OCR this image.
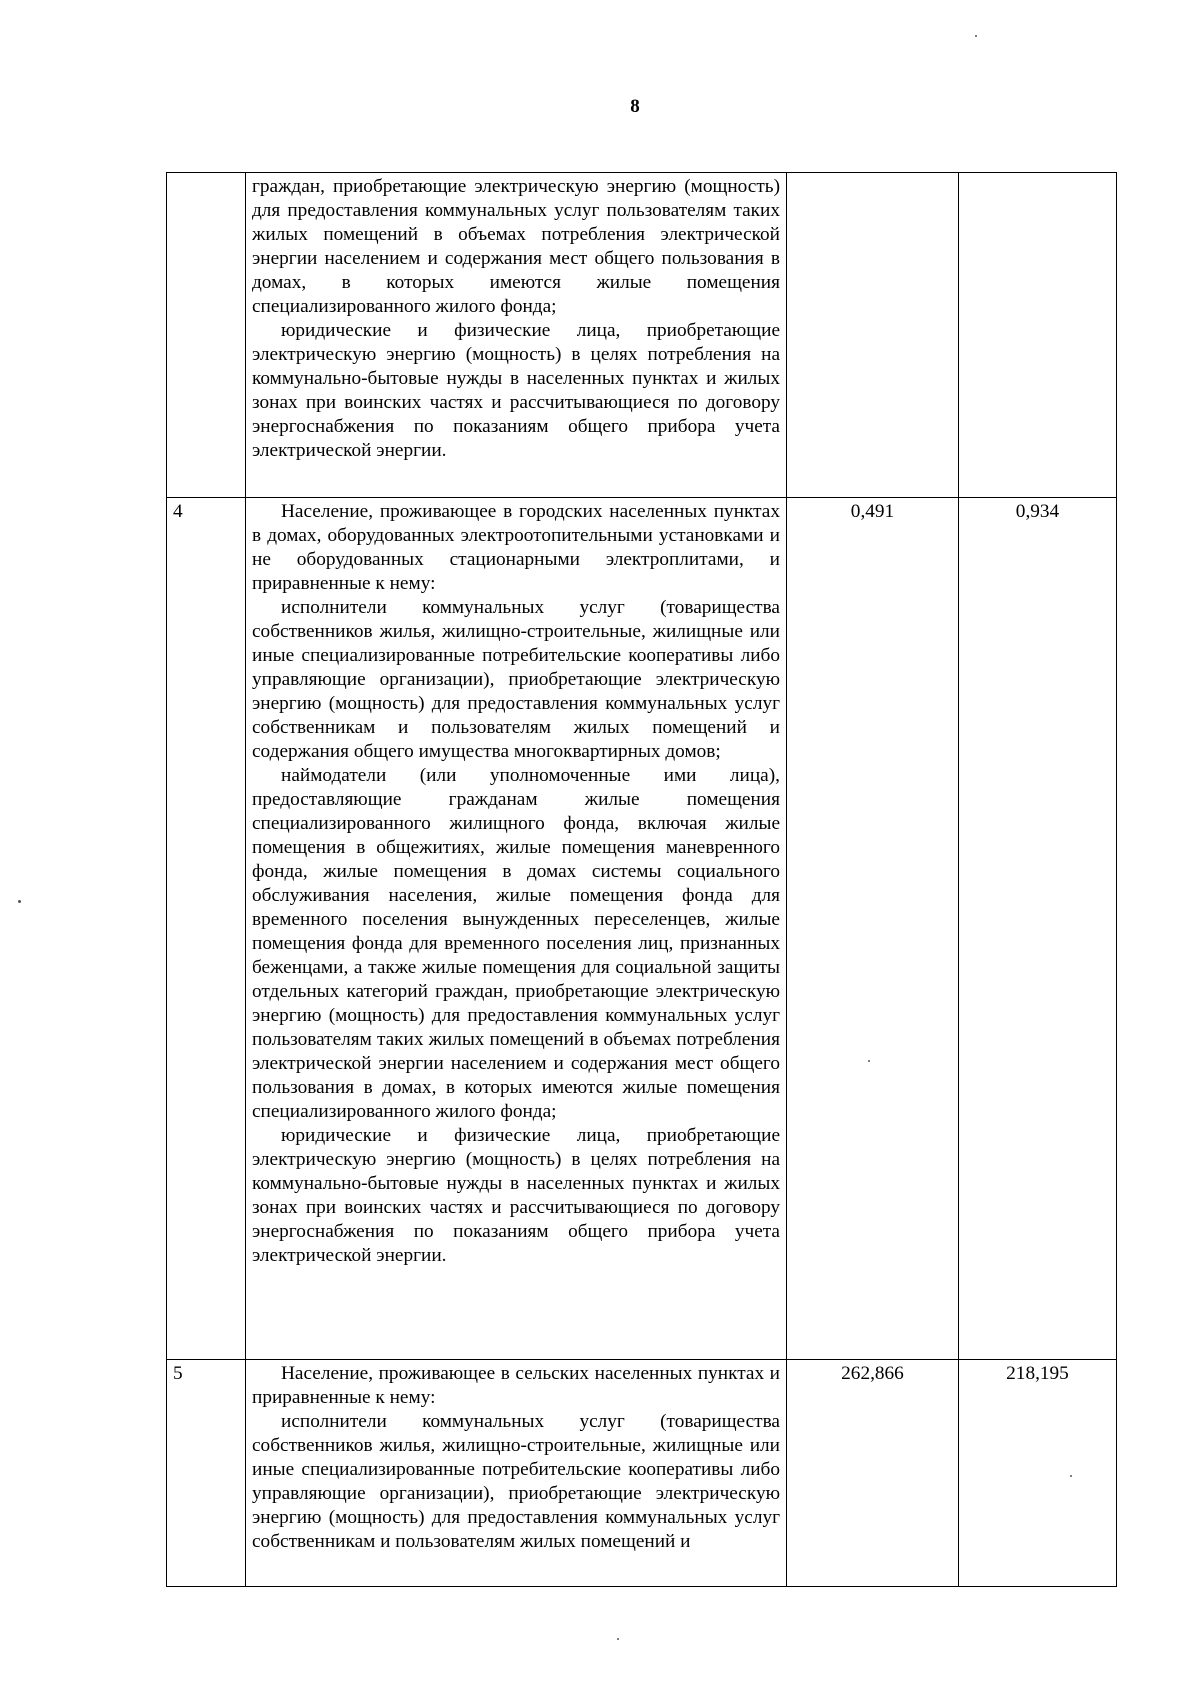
8

	граждан, приобретающие электрическую энергию (мощность) для предоставления коммунальных услуг пользователям таких жилых помещений в объемах потребления электрической энергии населением и содержания мест общего пользования в домах, в которых имеются жилые помещения специализированного жилого фонда;

юридические и физические лица, приобретающие электрическую энергию (мощность) в целях потребления на коммунально-бытовые нужды в населенных пунктах и жилых зонах при воинских частях и рассчитывающиеся по договору энергоснабжения по показаниям общего прибора учета электрической энергии.		

4	Население, проживающее в городских населенных пунктах в домах, оборудованных электроотопительными установками и не оборудованных стационарными электроплитами, и приравненные к нему:

исполнители коммунальных услуг (товарищества собственников жилья, жилищно-строительные, жилищные или иные специализированные потребительские кооперативы либо управляющие организации), приобретающие электрическую энергию (мощность) для предоставления коммунальных услуг собственникам и пользователям жилых помещений и содержания общего имущества многоквартирных домов;

наймодатели (или уполномоченные ими лица), предоставляющие гражданам жилые помещения специализированного жилищного фонда, включая жилые помещения в общежитиях, жилые помещения маневренного фонда, жилые помещения в домах системы социального обслуживания населения, жилые помещения фонда для временного поселения вынужденных переселенцев, жилые помещения фонда для временного поселения лиц, признанных беженцами, а также жилые помещения для социальной защиты отдельных категорий граждан, приобретающие электрическую энергию (мощность) для предоставления коммунальных услуг пользователям таких жилых помещений в объемах потребления электрической энергии населением и содержания мест общего пользования в домах, в которых имеются жилые помещения специализированного жилого фонда;

юридические и физические лица, приобретающие электрическую энергию (мощность) в целях потребления на коммунально-бытовые нужды в населенных пунктах и жилых зонах при воинских частях и рассчитывающиеся по договору энергоснабжения по показаниям общего прибора учета электрической энергии.	0,491	0,934
5	Население, проживающее в сельских населенных пунктах и приравненные к нему:

исполнители коммунальных услуг (товарищества собственников жилья, жилищно-строительные, жилищные или иные специализированные потребительские кооперативы либо управляющие организации), приобретающие электрическую энергию (мощность) для предоставления коммунальных услуг собственникам и пользователям жилых помещений и	262,866	218,195
